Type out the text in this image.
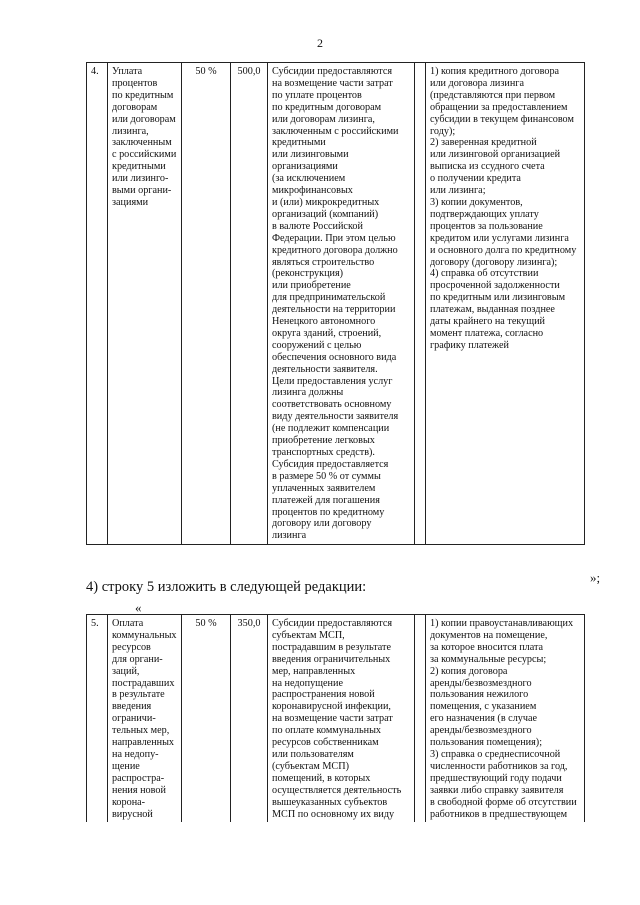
2
4.	Уплата
процентов
по кредитным
договорам
или договорам
лизинга,
заключенным
с российскими
кредитными
или лизинго-
выми органи-
зациями	50 %	500,0	Субсидии предоставляются
на возмещение части затрат
по уплате процентов
по кредитным договорам
или договорам лизинга,
заключенным с российскими
кредитными
или лизинговыми
организациями
(за исключением
микрофинансовых
и (или) микрокредитных
организаций (компаний)
в валюте Российской
Федерации. При этом целью
кредитного договора должно
являться строительство
(реконструкция)
или приобретение
для предпринимательской
деятельности на территории
Ненецкого автономного
округа зданий, строений,
сооружений с целью
обеспечения основного вида
деятельности заявителя.
Цели предоставления услуг
лизинга должны
соответствовать основному
виду деятельности заявителя
(не подлежит компенсации
приобретение легковых
транспортных средств).
Субсидия предоставляется
в размере 50 % от суммы
уплаченных заявителем
платежей для погашения
процентов по кредитному
договору или договору
лизинга		1) копия кредитного договора
или договора лизинга
(представляются при первом
обращении за предоставлением
субсидии в текущем финансовом
году);
2) заверенная кредитной
или лизинговой организацией
выписка из ссудного счета
о получении кредита
или лизинга;
3) копии документов,
подтверждающих уплату
процентов за пользование
кредитом или услугами лизинга
и основного долга по кредитному
договору (договору лизинга);
4) справка об отсутствии
просроченной задолженности
по кредитным или лизинговым
платежам, выданная позднее
даты крайнего на текущий
момент платежа, согласно
графику платежей
»;
4) строку 5 изложить в следующей редакции:
«
5.	Оплата
коммунальных
ресурсов
для органи-
заций,
пострадавших
в результате
введения
ограничи-
тельных мер,
направленных
на недопу-
щение
распростра-
нения новой
корона-
вирусной	50 %	350,0	Субсидии предоставляются
субъектам МСП,
пострадавшим в результате
введения ограничительных
мер, направленных
на недопущение
распространения новой
коронавирусной инфекции,
на возмещение части затрат
по оплате коммунальных
ресурсов собственникам
или пользователям
(субъектам МСП)
помещений, в которых
осуществляется деятельность
вышеуказанных субъектов
МСП по основному их виду		1) копии правоустанавливающих
документов на помещение,
за которое вносится плата
за коммунальные ресурсы;
2) копия договора
аренды/безвозмездного
пользования нежилого
помещения, с указанием
его назначения (в случае
аренды/безвозмездного
пользования помещения);
3) справка о среднесписочной
численности работников за год,
предшествующий году подачи
заявки либо справку заявителя
в свободной форме об отсутствии
работников в предшествующем
